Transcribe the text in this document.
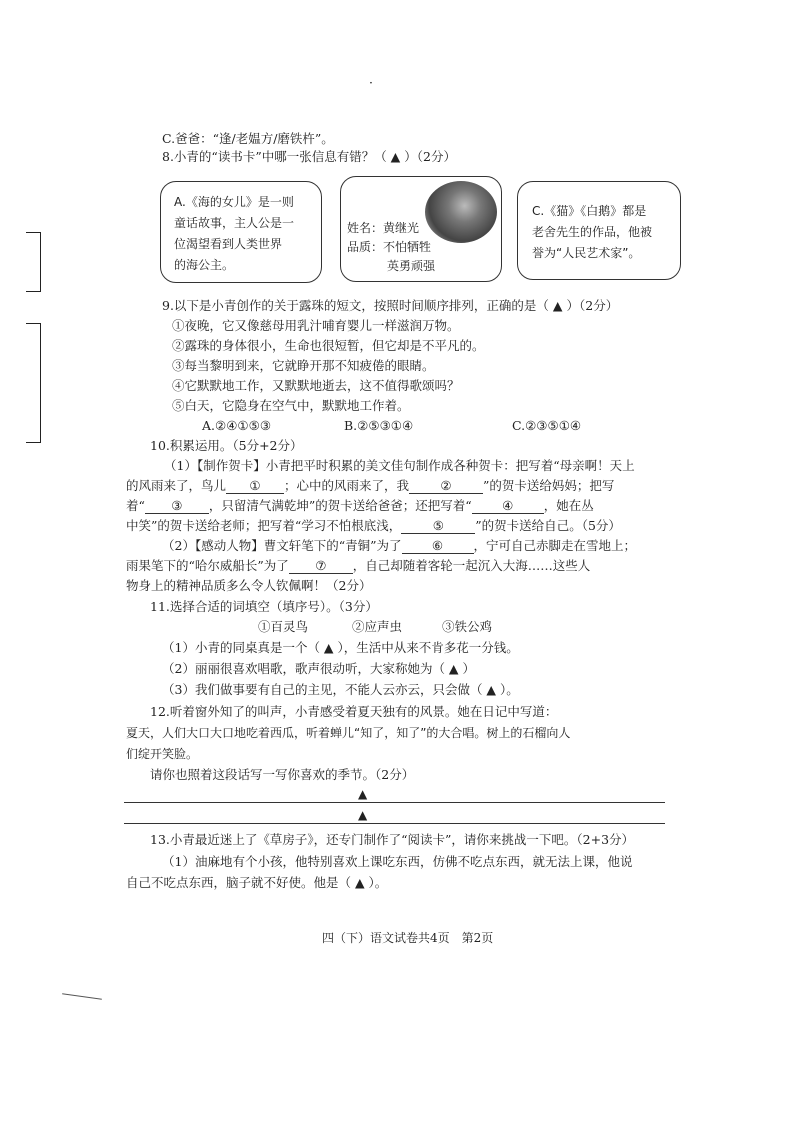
·
C.爸爸：“逢/老媪方/磨铁杵”。
8.小青的“读书卡”中哪一张信息有错？（ ▲ ）（2分）
A.《海的女儿》是一则
童话故事，主人公是一
位渴望看到人类世界
的海公主。
姓名：黄继光
品质：不怕牺牲
英勇顽强
C.《猫》《白鹅》都是
老舍先生的作品，他被
誉为“人民艺术家”。
9.以下是小青创作的关于露珠的短文，按照时间顺序排列，正确的是（ ▲ ）（2分）
①夜晚，它又像慈母用乳汁哺育婴儿一样滋润万物。
②露珠的身体很小，生命也很短暂，但它却是不平凡的。
③每当黎明到来，它就睁开那不知疲倦的眼睛。
④它默默地工作，又默默地逝去，这不值得歌颂吗？
⑤白天，它隐身在空气中，默默地工作着。
A.②④①⑤③	B.②⑤③①④	C.②③⑤①④
10.积累运用。（5分+2分）
（1）【制作贺卡】小青把平时积累的美文佳句制作成各种贺卡：把写着“母亲啊！天上
的风雨来了，鸟儿 ① ；心中的风雨来了，我	②	”的贺卡送给妈妈；把写
着“ ③ ，只留清气满乾坤”的贺卡送给爸爸；还把写着“ ④ ，她在丛
中笑”的贺卡送给老师；把写着“学习不怕根底浅，	⑤	”的贺卡送给自己。（5分）
（2）【感动人物】曹文轩笔下的“青铜”为了 ⑥ ，宁可自己赤脚走在雪地上；
雨果笔下的“哈尔威船长”为了 ⑦ ，自己却随着客轮一起沉入大海……这些人
物身上的精神品质多么令人钦佩啊！（2分）
11.选择合适的词填空（填序号）。（3分）
①百灵鸟	②应声虫	③铁公鸡
（1）小青的同桌真是一个（ ▲ ），生活中从来不肯多花一分钱。
（2）丽丽很喜欢唱歌，歌声很动听，大家称她为（ ▲ ）
（3）我们做事要有自己的主见，不能人云亦云，只会做（ ▲ ）。
12.听着窗外知了的叫声，小青感受着夏天独有的风景。她在日记中写道：
夏天，人们大口大口地吃着西瓜，听着蝉儿“知了，知了”的大合唱。树上的石榴向人
们绽开笑脸。
请你也照着这段话写一写你喜欢的季节。（2分）
▲
▲
13.小青最近迷上了《草房子》，还专门制作了“阅读卡”，请你来挑战一下吧。（2+3分）
（1）油麻地有个小孩，他特别喜欢上课吃东西，仿佛不吃点东西，就无法上课，他说
自己不吃点东西，脑子就不好使。他是（ ▲ ）。
四（下）语文试卷共4页　第2页
